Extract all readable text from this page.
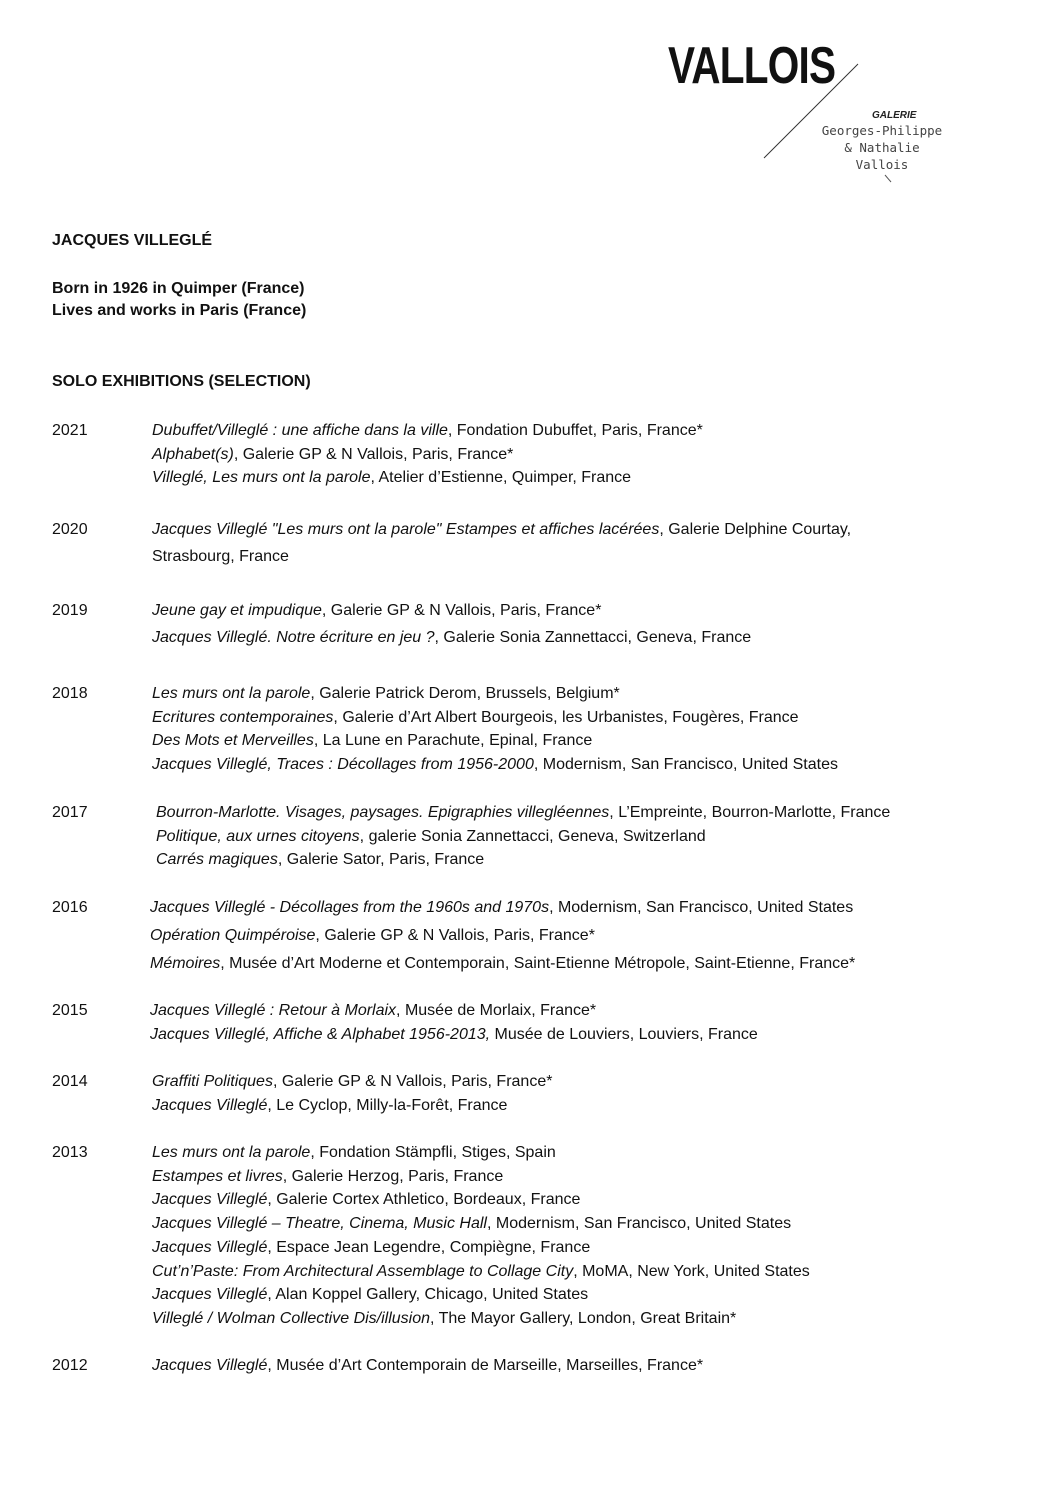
VALLOIS
GALERIE
Georges-Philippe
& Nathalie
Vallois
JACQUES VILLEGLÉ
Born in 1926 in Quimper (France)
Lives and works in Paris (France)
SOLO EXHIBITIONS (SELECTION)
2021	Dubuffet/Villeglé : une affiche dans la ville, Fondation Dubuffet, Paris, France*
Alphabet(s), Galerie GP & N Vallois, Paris, France*
Villeglé, Les murs ont la parole, Atelier d’Estienne, Quimper, France
2020	Jacques Villeglé "Les murs ont la parole" Estampes et affiches lacérées, Galerie Delphine Courtay,
Strasbourg, France
2019	Jeune gay et impudique, Galerie GP & N Vallois, Paris, France*
Jacques Villeglé. Notre écriture en jeu ?, Galerie Sonia Zannettacci, Geneva, France
2018	Les murs ont la parole, Galerie Patrick Derom, Brussels, Belgium*
Ecritures contemporaines, Galerie d’Art Albert Bourgeois, les Urbanistes, Fougères, France
Des Mots et Merveilles, La Lune en Parachute, Epinal, France
Jacques Villeglé, Traces : Décollages from 1956-2000, Modernism, San Francisco, United States
2017	Bourron-Marlotte. Visages, paysages. Epigraphies villegléennes, L’Empreinte, Bourron-Marlotte, France
Politique, aux urnes citoyens, galerie Sonia Zannettacci, Geneva, Switzerland
Carrés magiques, Galerie Sator, Paris, France
2016	Jacques Villeglé - Décollages from the 1960s and 1970s, Modernism, San Francisco, United States
Opération Quimpéroise, Galerie GP & N Vallois, Paris, France*
Mémoires, Musée d’Art Moderne et Contemporain, Saint-Etienne Métropole, Saint-Etienne, France*
2015	Jacques Villeglé : Retour à Morlaix, Musée de Morlaix, France*
Jacques Villeglé, Affiche & Alphabet 1956-2013, Musée de Louviers, Louviers, France
2014	Graffiti Politiques, Galerie GP & N Vallois, Paris, France*
Jacques Villeglé, Le Cyclop, Milly-la-Forêt, France
2013	Les murs ont la parole, Fondation Stämpfli, Stiges, Spain
Estampes et livres, Galerie Herzog, Paris, France
Jacques Villeglé, Galerie Cortex Athletico, Bordeaux, France
Jacques Villeglé – Theatre, Cinema, Music Hall, Modernism, San Francisco, United States
Jacques Villeglé, Espace Jean Legendre, Compiègne, France
Cut’n’Paste: From Architectural Assemblage to Collage City, MoMA, New York, United States
Jacques Villeglé, Alan Koppel Gallery, Chicago, United States
Villeglé / Wolman Collective Dis/illusion, The Mayor Gallery, London, Great Britain*
2012	Jacques Villeglé, Musée d’Art Contemporain de Marseille, Marseilles, France*
